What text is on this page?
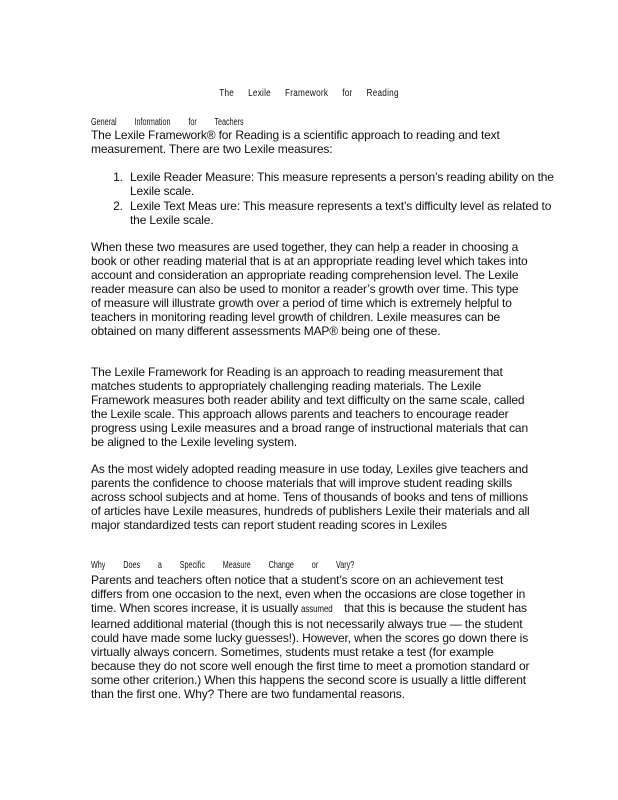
The Lexile Framework for Reading
General Information for Teachers

The Lexile Framework® for Reading is a scientific approach to reading and text measurement. There are two Lexile measures:

1. Lexile Reader Measure: This measure represents a person’s reading ability on the Lexile scale.
2. Lexile Text Meas ure: This measure represents a text’s difficulty level as related to the Lexile scale.

When these two measures are used together, they can help a reader in choosing a book or other reading material that is at an appropriate reading level which takes into account and consideration an appropriate reading comprehension level. The Lexile reader measure can also be used to monitor a reader’s growth over time. This type of measure will illustrate growth over a period of time which is extremely helpful to teachers in monitoring reading level growth of children. Lexile measures can be obtained on many different assessments MAP® being one of these.

The Lexile Framework for Reading is an approach to reading measurement that matches students to appropriately challenging reading materials. The Lexile Framework measures both reader ability and text difficulty on the same scale, called the Lexile scale. This approach allows parents and teachers to encourage reader progress using Lexile measures and a broad range of instructional materials that can be aligned to the Lexile leveling system.

As the most widely adopted reading measure in use today, Lexiles give teachers and parents the confidence to choose materials that will improve student reading skills across school subjects and at home. Tens of thousands of books and tens of millions of articles have Lexile measures, hundreds of publishers Lexile their materials and all major standardized tests can report student reading scores in Lexiles

Why Does a Specific Measure Change or Vary?

Parents and teachers often notice that a student’s score on an achievement test differs from one occasion to the next, even when the occasions are close together in time. When scores increase, it is usually assumed that this is because the student has learned additional material (though this is not necessarily always true — the student could have made some lucky guesses!). However, when the scores go down there is virtually always concern. Sometimes, students must retake a test (for example because they do not score well enough the first time to meet a promotion standard or some other criterion.) When this happens the second score is usually a little different than the first one. Why? There are two fundamental reasons.
